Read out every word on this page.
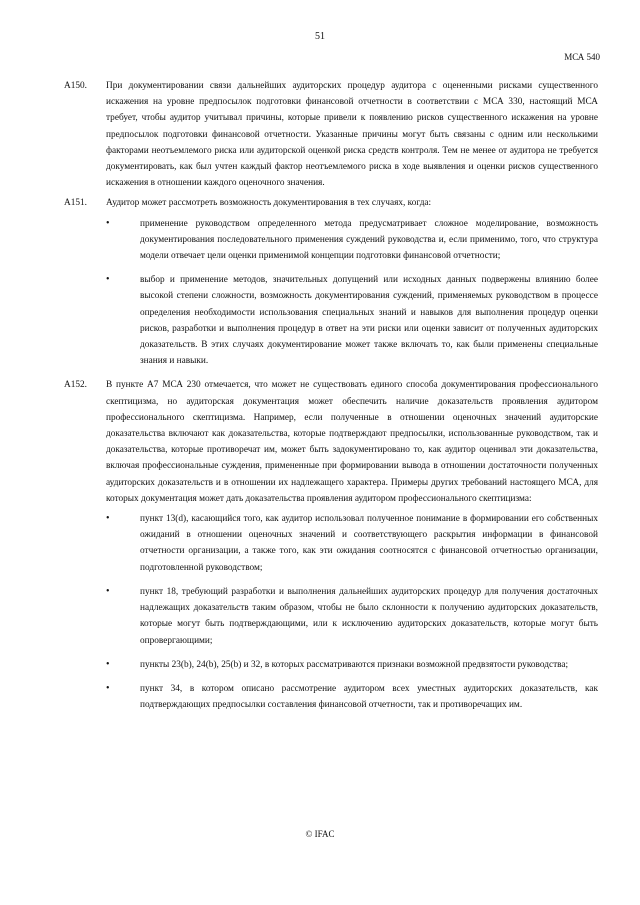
51
МСА 540
A150.	При документировании связи дальнейших аудиторских процедур аудитора с оцененными рисками существенного искажения на уровне предпосылок подготовки финансовой отчетности в соответствии с МСА 330, настоящий МСА требует, чтобы аудитор учитывал причины, которые привели к появлению рисков существенного искажения на уровне предпосылок подготовки финансовой отчетности. Указанные причины могут быть связаны с одним или несколькими факторами неотъемлемого риска или аудиторской оценкой риска средств контроля. Тем не менее от аудитора не требуется документировать, как был учтен каждый фактор неотъемлемого риска в ходе выявления и оценки рисков существенного искажения в отношении каждого оценочного значения.
A151.	Аудитор может рассмотреть возможность документирования в тех случаях, когда:
•	применение руководством определенного метода предусматривает сложное моделирование, возможность документирования последовательного применения суждений руководства и, если применимо, того, что структура модели отвечает цели оценки применимой концепции подготовки финансовой отчетности;
•	выбор и применение методов, значительных допущений или исходных данных подвержены влиянию более высокой степени сложности, возможность документирования суждений, применяемых руководством в процессе определения необходимости использования специальных знаний и навыков для выполнения процедур оценки рисков, разработки и выполнения процедур в ответ на эти риски или оценки зависит от полученных аудиторских доказательств. В этих случаях документирование может также включать то, как были применены специальные знания и навыки.
A152.	В пункте А7 МСА 230 отмечается, что может не существовать единого способа документирования профессионального скептицизма, но аудиторская документация может обеспечить наличие доказательств проявления аудитором профессионального скептицизма. Например, если полученные в отношении оценочных значений аудиторские доказательства включают как доказательства, которые подтверждают предпосылки, использованные руководством, так и доказательства, которые противоречат им, может быть задокументировано то, как аудитор оценивал эти доказательства, включая профессиональные суждения, примененные при формировании вывода в отношении достаточности полученных аудиторских доказательств и в отношении их надлежащего характера. Примеры других требований настоящего МСА, для которых документация может дать доказательства проявления аудитором профессионального скептицизма:
•	пункт 13(d), касающийся того, как аудитор использовал полученное понимание в формировании его собственных ожиданий в отношении оценочных значений и соответствующего раскрытия информации в финансовой отчетности организации, а также того, как эти ожидания соотносятся с финансовой отчетностью организации, подготовленной руководством;
•	пункт 18, требующий разработки и выполнения дальнейших аудиторских процедур для получения достаточных надлежащих доказательств таким образом, чтобы не было склонности к получению аудиторских доказательств, которые могут быть подтверждающими, или к исключению аудиторских доказательств, которые могут быть опровергающими;
•	пункты 23(b), 24(b), 25(b) и 32, в которых рассматриваются признаки возможной предвзятости руководства;
•	пункт 34, в котором описано рассмотрение аудитором всех уместных аудиторских доказательств, как подтверждающих предпосылки составления финансовой отчетности, так и противоречащих им.
© IFAC
